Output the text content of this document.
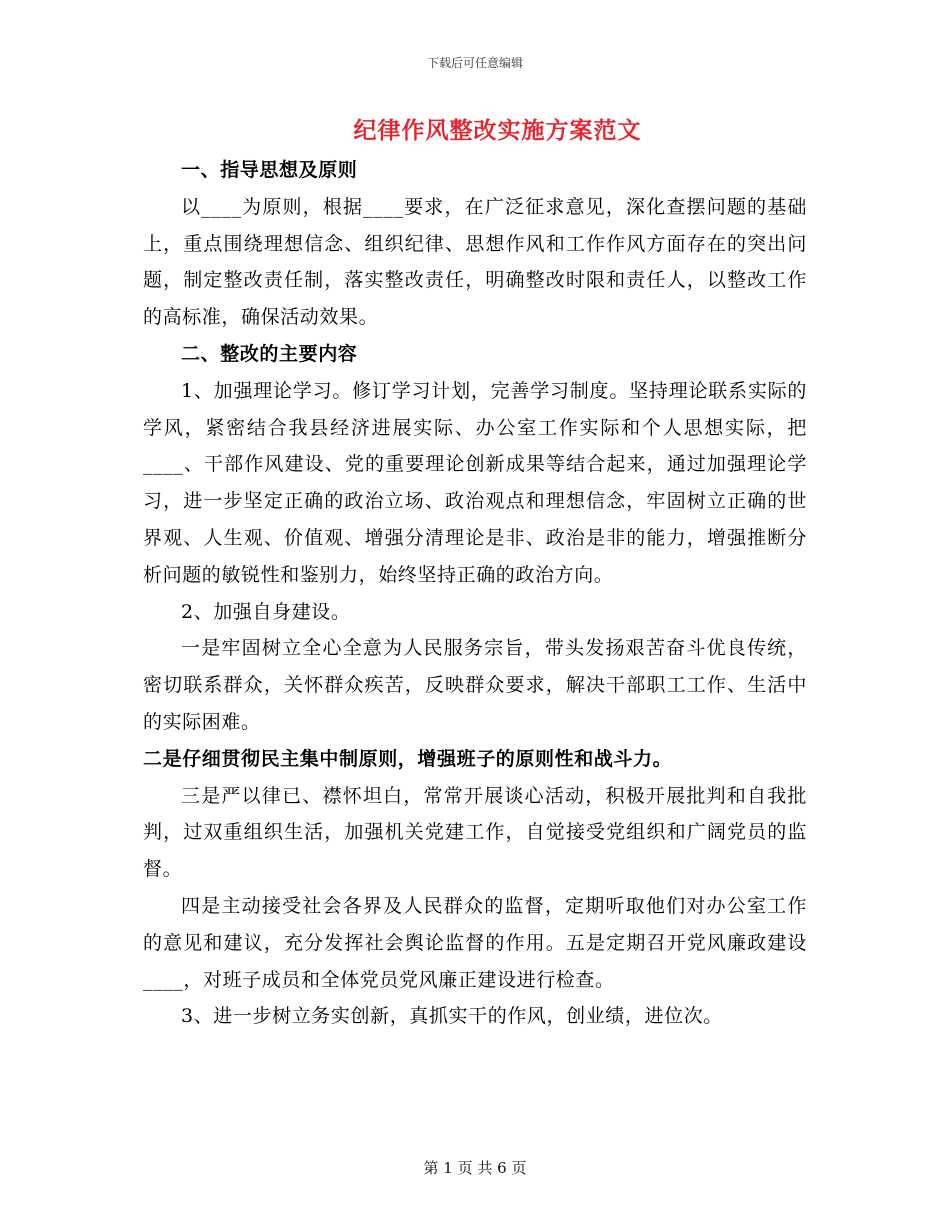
下载后可任意编辑
纪律作风整改实施方案范文

一、指导思想及原则

以____为原则，根据____要求，在广泛征求意见，深化查摆问题的基础上，重点围绕理想信念、组织纪律、思想作风和工作作风方面存在的突出问题，制定整改责任制，落实整改责任，明确整改时限和责任人，以整改工作的高标准，确保活动效果。

二、整改的主要内容

1、加强理论学习。修订学习计划，完善学习制度。坚持理论联系实际的学风，紧密结合我县经济进展实际、办公室工作实际和个人思想实际，把____、干部作风建设、党的重要理论创新成果等结合起来，通过加强理论学习，进一步坚定正确的政治立场、政治观点和理想信念，牢固树立正确的世界观、人生观、价值观、增强分清理论是非、政治是非的能力，增强推断分析问题的敏锐性和鉴别力，始终坚持正确的政治方向。

2、加强自身建设。

一是牢固树立全心全意为人民服务宗旨，带头发扬艰苦奋斗优良传统，密切联系群众，关怀群众疾苦，反映群众要求，解决干部职工工作、生活中的实际困难。

二是仔细贯彻民主集中制原则，增强班子的原则性和战斗力。

三是严以律已、襟怀坦白，常常开展谈心活动，积极开展批判和自我批判，过双重组织生活，加强机关党建工作，自觉接受党组织和广阔党员的监督。

四是主动接受社会各界及人民群众的监督，定期听取他们对办公室工作的意见和建议，充分发挥社会舆论监督的作用。五是定期召开党风廉政建设____，对班子成员和全体党员党风廉正建设进行检查。

3、进一步树立务实创新，真抓实干的作风，创业绩，进位次。

第 1 页 共 6 页
